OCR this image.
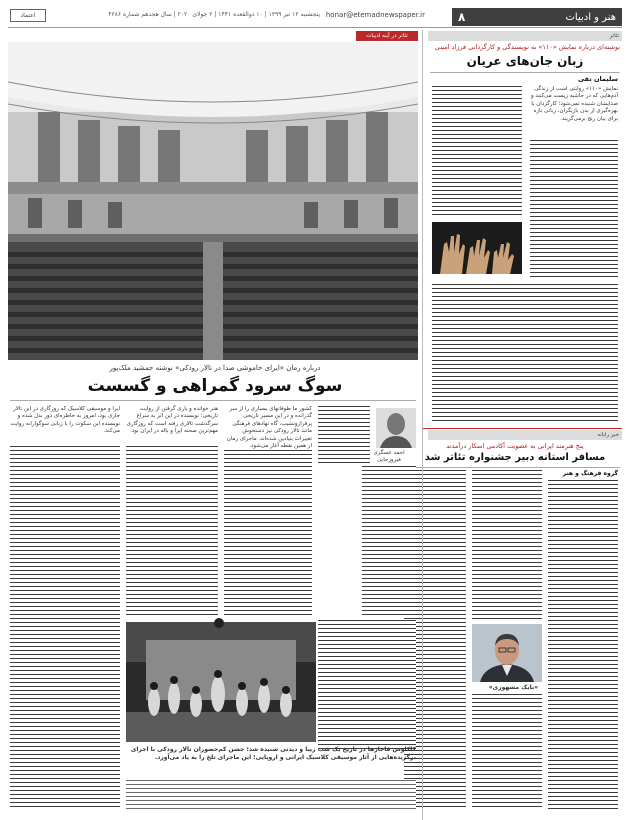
هنر و ادبیات
۸
honar@etemadnewspaper.ir
پنجشنبه ۱۲ تیر ۱۳۹۹ | ۱۰ ذوالقعده ۱۴۴۱ | ۲ جولای ۲۰۲۰ | سال هجدهم شماره ۴۶۸۶
اعتماد
تئاتر
نوشته‌ای درباره نمایش «۱۱۰» به نویسندگی و کارگردانی فرزاد امینی
زبان جان‌های عریان
سلیمان تقی
نمایش «۱۱۰» روایتی است از زندگی آدم‌هایی که در حاشیه زیست می‌کنند و صدایشان شنیده نمی‌شود؛ کارگردان با بهره‌گیری از بدن بازیگران، زبانی تازه برای بیان رنج برمی‌گزیند.
خبر رایانه
پنج هنرمند ایرانی به عضویت آکادمی اسکار درآمدند
مسافر استانه دبیر جشنواره تئاتر شد
گروه فرهنگ و هنر
«بابک مشهوری»
تئاتر در آینه ادبیات
درباره رمان «ایرای خاموشی صدا در تالار رودکی» نوشته جمشید ملک‌پور
سوگ سرود گمراهی و گسست
احمد عسگری فیروزجایی
کشور ما طوفانهای بسیاری را از سر گذرانده و در این مسیر تاریخی پرفرازونشیب، گاه نهادهای فرهنگی مانند تالار رودکی نیز دستخوش تغییرات بنیادین شده‌اند. ماجرای رمان از همین نقطه آغاز می‌شود.
هنر خوانده و یاری گرفتن از روایت تاریخی؛ نویسنده در این اثر به سراغ سرگذشت تالاری رفته است که روزگاری مهم‌ترین صحنه اپرا و باله در ایران بود.
اپرا و موسیقی کلاسیک که روزگاری در این تالار جاری بود، امروز به خاطره‌ای دور بدل شده و نویسنده این سکوت را با زبانی سوگوارانه روایت می‌کند.
کاکاوس قاجارها در تاریخ یک شب زیبا و دیدنی شنیده شد؛ جشن کم‌حضوران تالار رودکی با اجرای برگزیده‌هایی از آثار موسیقی کلاسیک ایرانی و اروپایی؛ این ماجرای تلخ را به یاد می‌آورد.
